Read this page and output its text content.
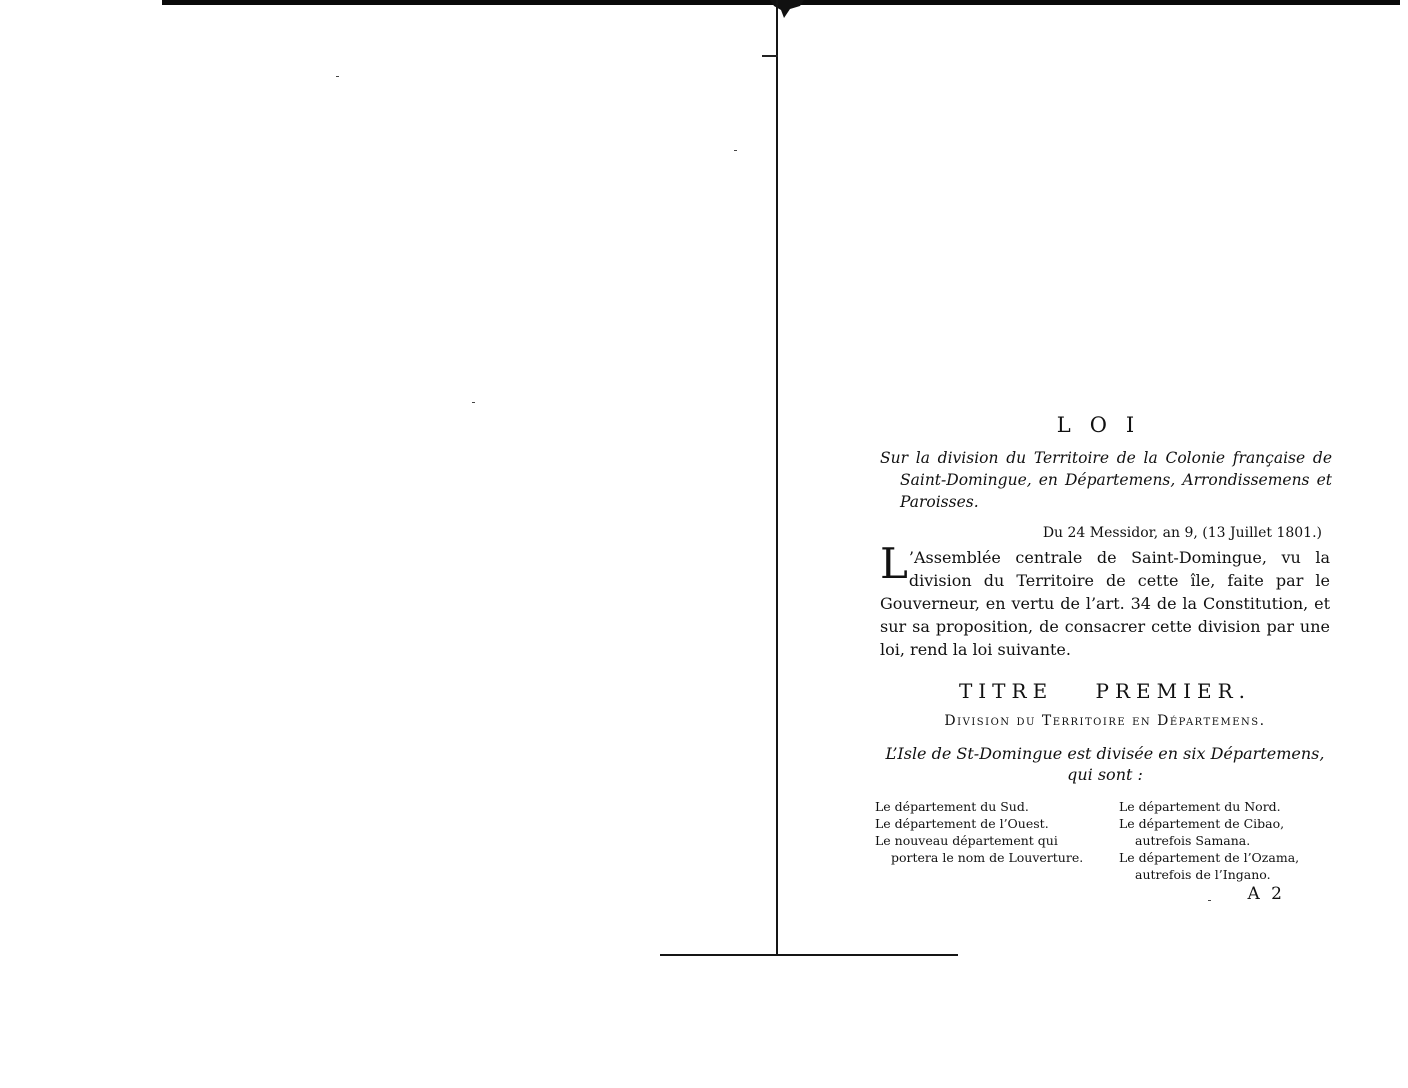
LOI
Sur la division du Territoire de la Colonie française de Saint-Domingue, en Départemens, Arrondissemens et Paroisses.
Du 24 Messidor, an 9, (13 Juillet 1801.)
L ’Assemblée centrale de Saint-Domingue, vu la division du Territoire de cette île, faite par le Gouverneur, en vertu de l’art. 34 de la Constitution, et sur sa proposition, de consacrer cette division par une loi, rend la loi suivante.
TITRE PREMIER.
Division du Territoire en Départemens.
L’Isle de St-Domingue est divisée en six Départemens, qui sont :

Le département du Sud.

Le département de l’Ouest.

Le nouveau département qui portera le nom de Louverture.

Le département du Nord.

Le département de Cibao, autrefois Samana.

Le département de l’Ozama, autrefois de l’Ingano.

A 2
